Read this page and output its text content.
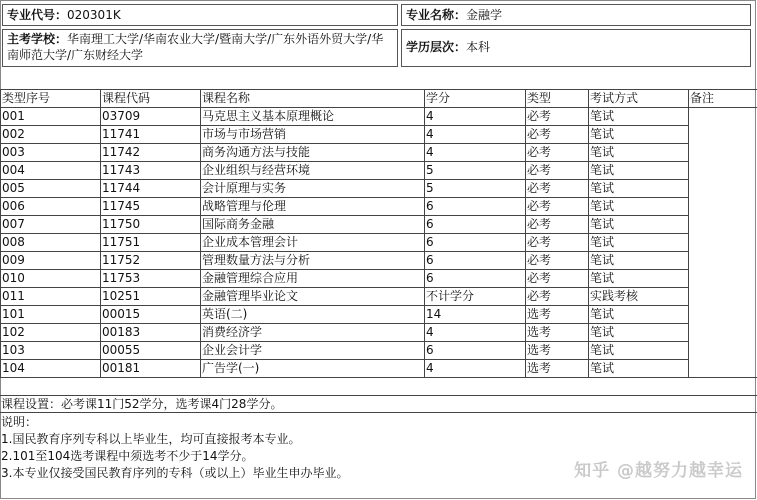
专业代号：020301K	专业名称：金融学
主考学校：华南理工大学/华南农业大学/暨南大学/广东外语外贸大学/华南师范大学/广东财经大学
学历层次：本科
类型序号	课程代码	课程名称	学分	类型	考试方式	备注
001	03709	马克思主义基本原理概论	4	必考	笔试	
002	11741	市场与市场营销	4	必考	笔试	
003	11742	商务沟通方法与技能	4	必考	笔试	
004	11743	企业组织与经营环境	5	必考	笔试	
005	11744	会计原理与实务	5	必考	笔试	
006	11745	战略管理与伦理	6	必考	笔试	
007	11750	国际商务金融	6	必考	笔试	
008	11751	企业成本管理会计	6	必考	笔试	
009	11752	管理数量方法与分析	6	必考	笔试	
010	11753	金融管理综合应用	6	必考	笔试	
011	10251	金融管理毕业论文	不计学分	必考	实践考核	
101	00015	英语(二)	14	选考	笔试	
102	00183	消费经济学	4	选考	笔试	
103	00055	企业会计学	6	选考	笔试	
104	00181	广告学(一)	4	选考	笔试	
课程设置：必考课11门52学分，选考课4门28学分。
说明：
1.国民教育序列专科以上毕业生，均可直接报考本专业。
2.101至104选考课程中须选考不少于14学分。
3.本专业仅接受国民教育序列的专科（或以上）毕业生申办毕业。	知乎 @越努力越幸运
